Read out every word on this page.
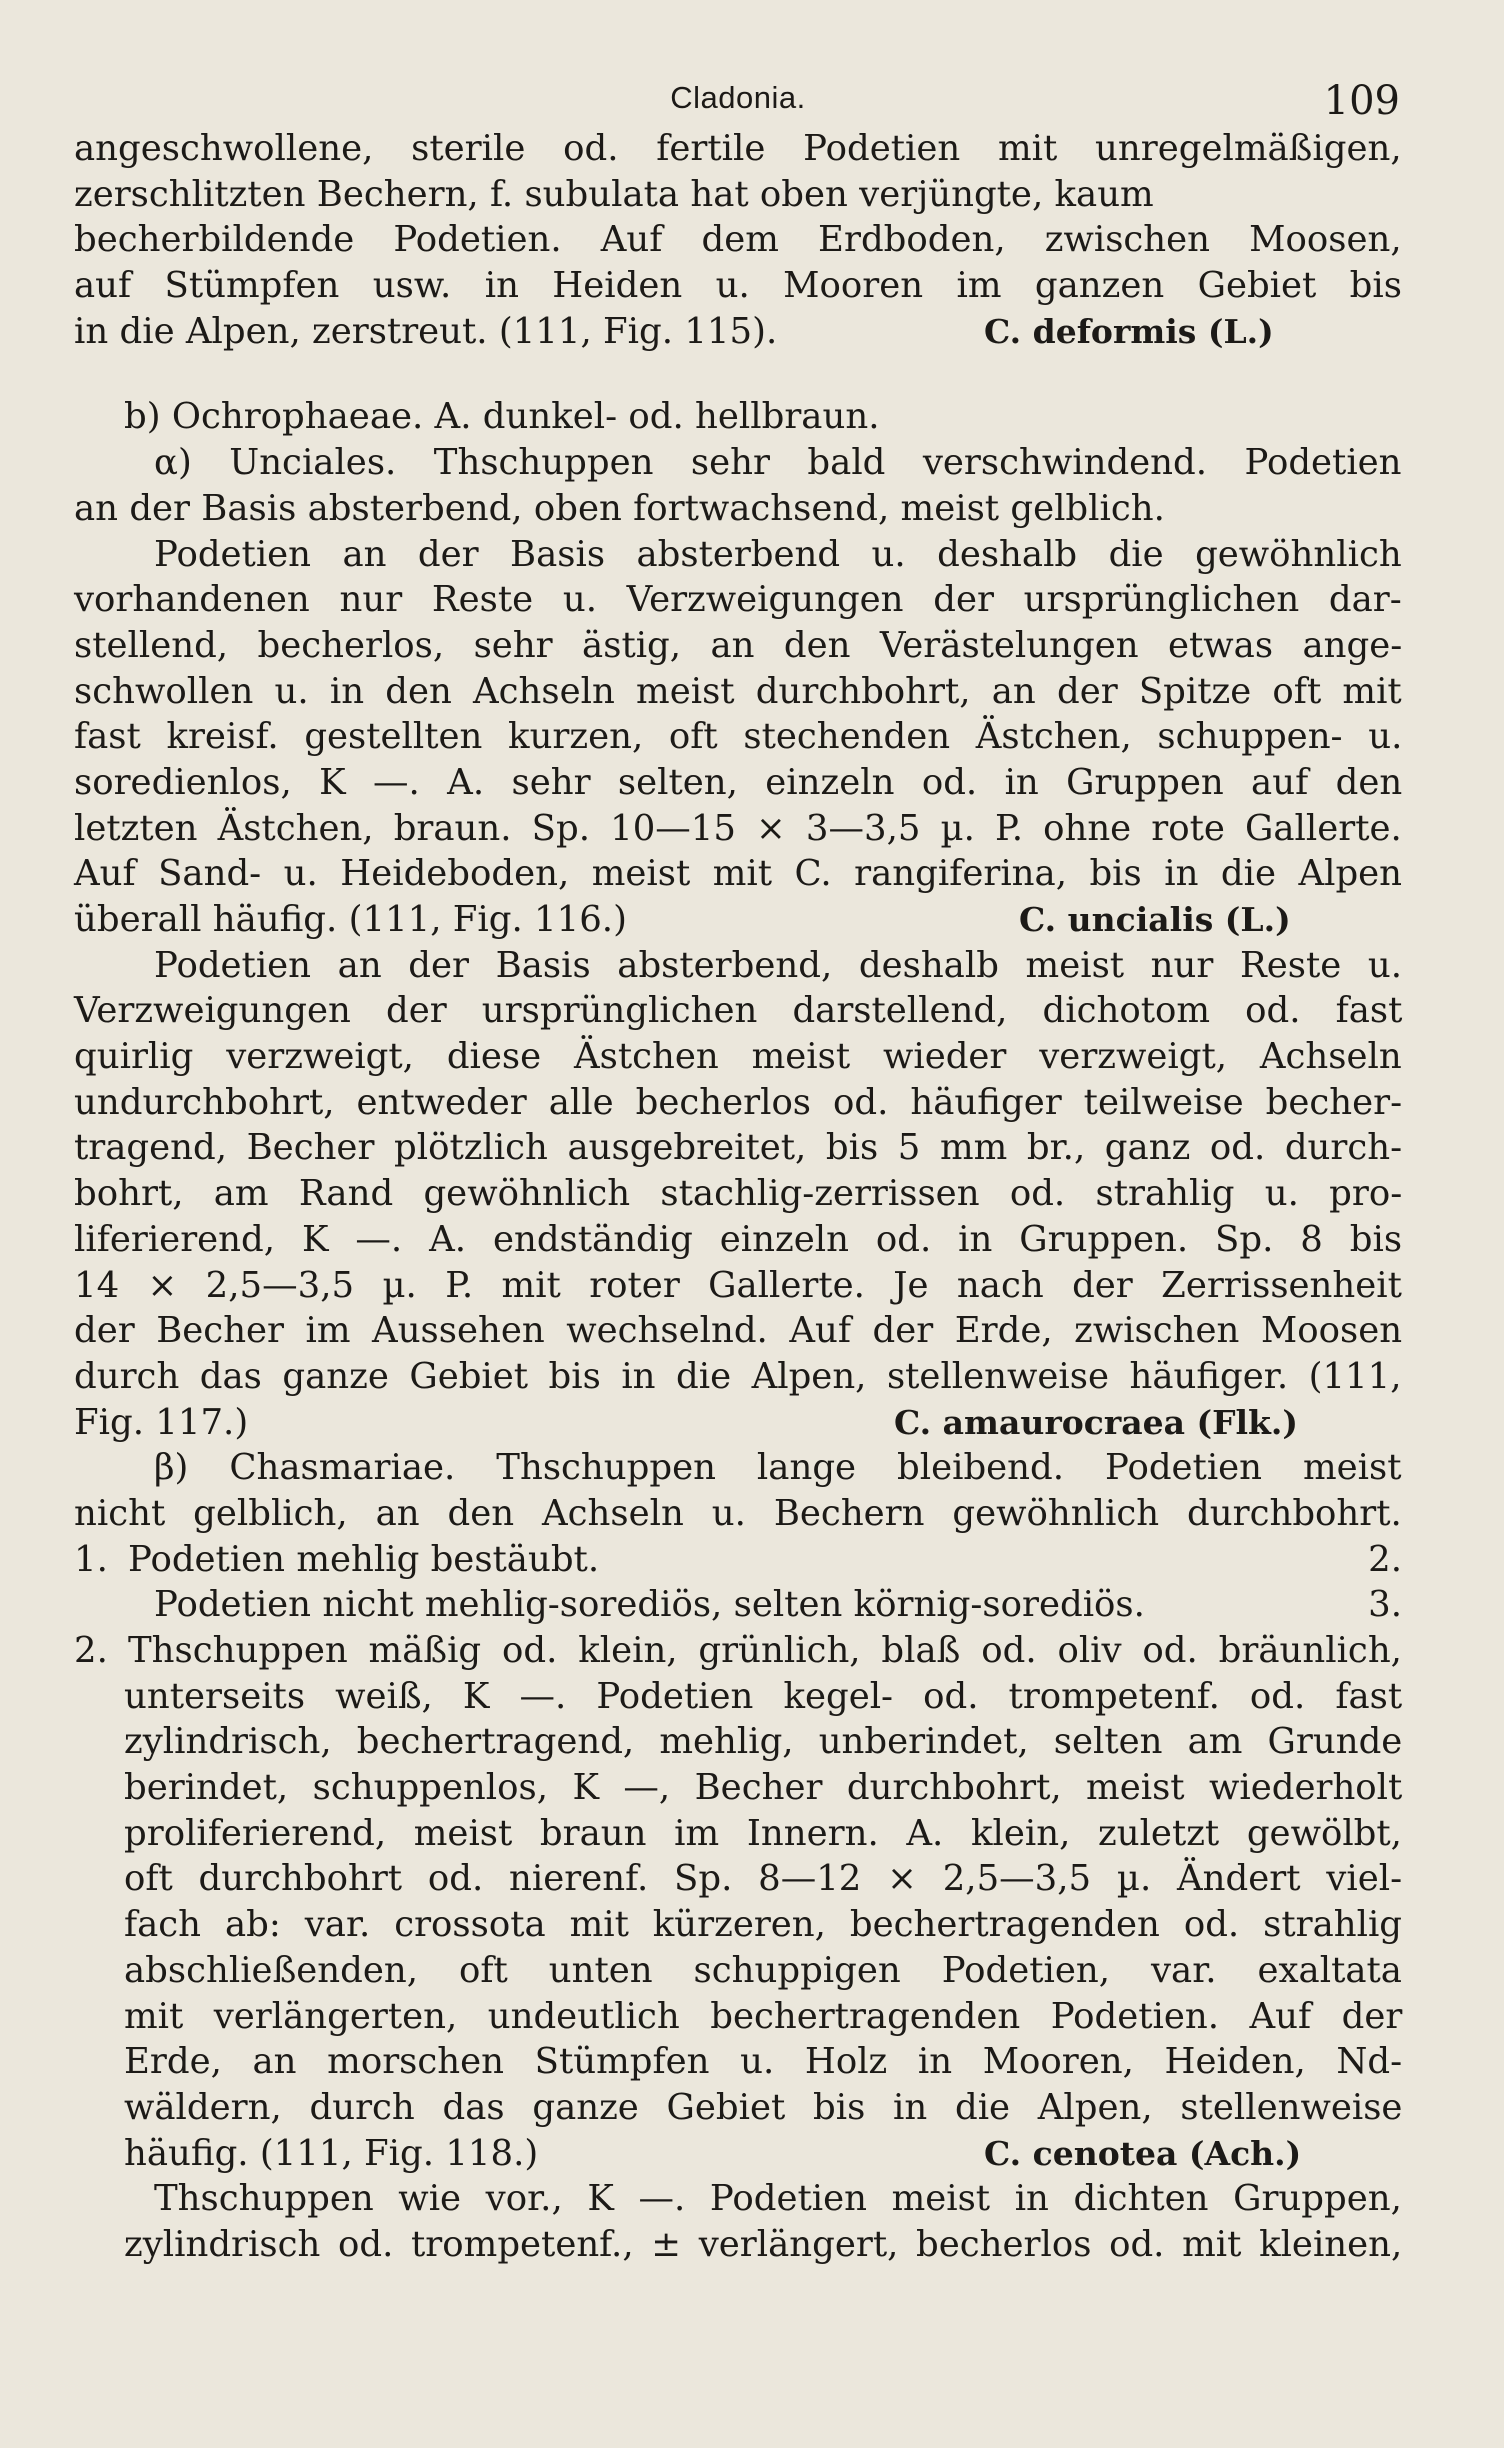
Cladonia.	109
angeschwollene, sterile od. fertile Podetien mit unregelmäßigen,
zerschlitzten Bechern, f. subulata hat oben verjüngte, kaum
becherbildende Podetien. Auf dem Erdboden, zwischen Moosen,
auf Stümpfen usw. in Heiden u. Mooren im ganzen Gebiet bis
in die Alpen, zerstreut. (111, Fig. 115).	C. deformis (L.)
b) Ochrophaeae. A. dunkel- od. hellbraun.
α) Unciales. Thschuppen sehr bald verschwindend. Podetien
an der Basis absterbend, oben fortwachsend, meist gelblich.
Podetien an der Basis absterbend u. deshalb die gewöhnlich
vorhandenen nur Reste u. Verzweigungen der ursprünglichen dar-
stellend, becherlos, sehr ästig, an den Verästelungen etwas ange-
schwollen u. in den Achseln meist durchbohrt, an der Spitze oft mit
fast kreisf. gestellten kurzen, oft stechenden Ästchen, schuppen- u.
soredienlos, K —. A. sehr selten, einzeln od. in Gruppen auf den
letzten Ästchen, braun. Sp. 10—15 × 3—3,5 µ. P. ohne rote Gallerte.
Auf Sand- u. Heideboden, meist mit C. rangiferina, bis in die Alpen
überall häufig. (111, Fig. 116.)	C. uncialis (L.)
Podetien an der Basis absterbend, deshalb meist nur Reste u.
Verzweigungen der ursprünglichen darstellend, dichotom od. fast
quirlig verzweigt, diese Ästchen meist wieder verzweigt, Achseln
undurchbohrt, entweder alle becherlos od. häufiger teilweise becher-
tragend, Becher plötzlich ausgebreitet, bis 5 mm br., ganz od. durch-
bohrt, am Rand gewöhnlich stachlig-zerrissen od. strahlig u. pro-
liferierend, K —. A. endständig einzeln od. in Gruppen. Sp. 8 bis
14 × 2,5—3,5 µ. P. mit roter Gallerte. Je nach der Zerrissenheit
der Becher im Aussehen wechselnd. Auf der Erde, zwischen Moosen
durch das ganze Gebiet bis in die Alpen, stellenweise häufiger. (111,
Fig. 117.)	C. amaurocraea (Flk.)
β) Chasmariae. Thschuppen lange bleibend. Podetien meist
nicht gelblich, an den Achseln u. Bechern gewöhnlich durchbohrt.
1. Podetien mehlig bestäubt.	2.
Podetien nicht mehlig-sorediös, selten körnig-sorediös.	3.
2. Thschuppen mäßig od. klein, grünlich, blaß od. oliv od. bräunlich,
unterseits weiß, K —. Podetien kegel- od. trompetenf. od. fast
zylindrisch, bechertragend, mehlig, unberindet, selten am Grunde
berindet, schuppenlos, K —, Becher durchbohrt, meist wiederholt
proliferierend, meist braun im Innern. A. klein, zuletzt gewölbt,
oft durchbohrt od. nierenf. Sp. 8—12 × 2,5—3,5 µ. Ändert viel-
fach ab: var. crossota mit kürzeren, bechertragenden od. strahlig
abschließenden, oft unten schuppigen Podetien, var. exaltata
mit verlängerten, undeutlich bechertragenden Podetien. Auf der
Erde, an morschen Stümpfen u. Holz in Mooren, Heiden, Nd-
wäldern, durch das ganze Gebiet bis in die Alpen, stellenweise
häufig. (111, Fig. 118.)	C. cenotea (Ach.)
Thschuppen wie vor., K —. Podetien meist in dichten Gruppen,
zylindrisch od. trompetenf., ± verlängert, becherlos od. mit kleinen,
